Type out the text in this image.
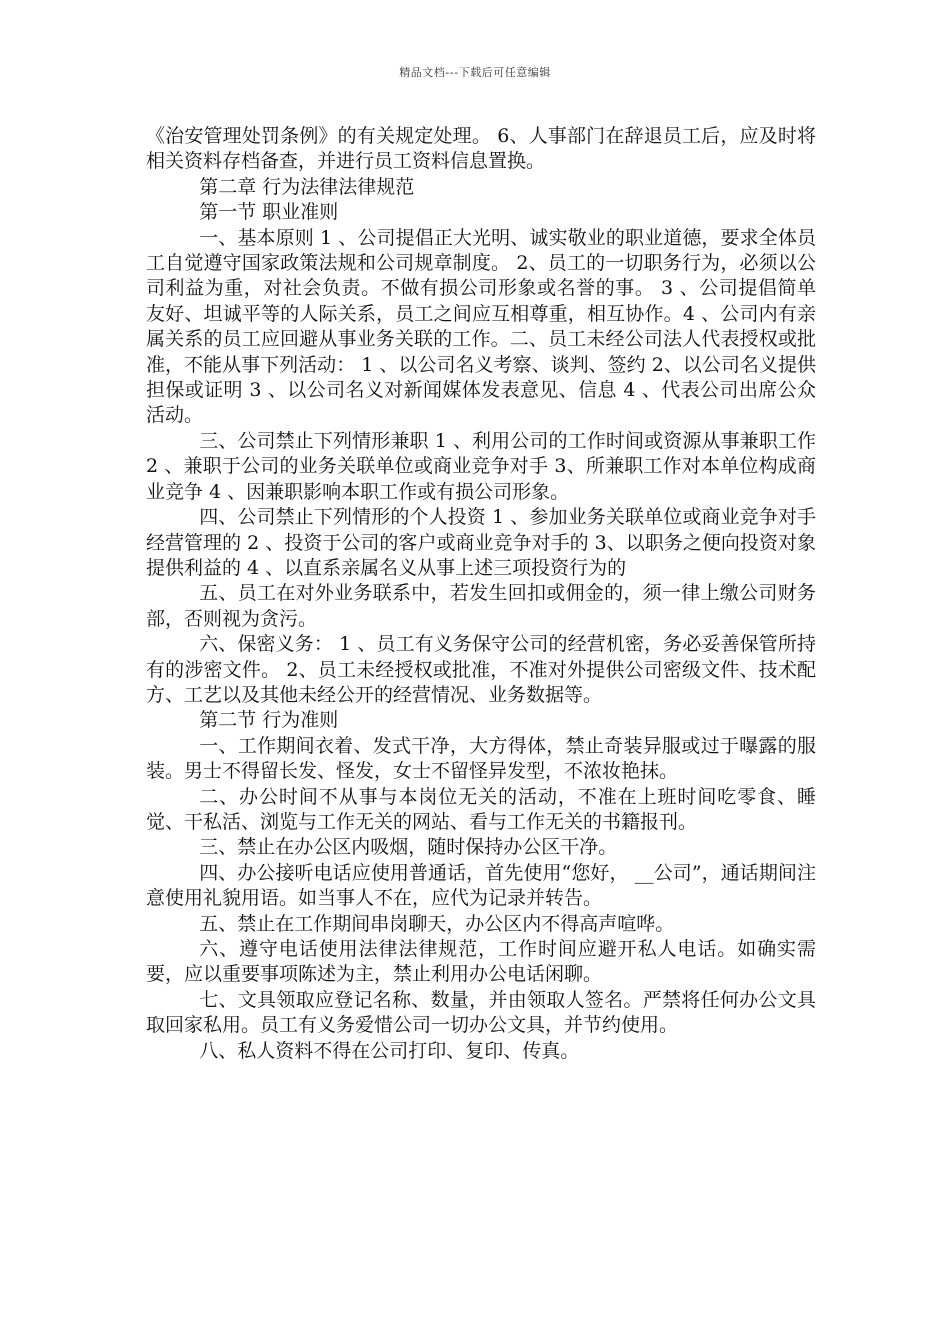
精品文档---下载后可任意编辑

《治安管理处罚条例》的有关规定处理。 6、人事部门在辞退员工后，应及时将相关资料存档备查，并进行员工资料信息置换。

第二章 行为法律法律规范

第一节 职业准则

一、基本原则 1 、公司提倡正大光明、诚实敬业的职业道德，要求全体员工自觉遵守国家政策法规和公司规章制度。 2、员工的一切职务行为，必须以公司利益为重，对社会负责。不做有损公司形象或名誉的事。 3 、公司提倡简单友好、坦诚平等的人际关系，员工之间应互相尊重，相互协作。4 、公司内有亲属关系的员工应回避从事业务关联的工作。二、员工未经公司法人代表授权或批准，不能从事下列活动： 1 、以公司名义考察、谈判、签约 2、以公司名义提供担保或证明 3 、以公司名义对新闻媒体发表意见、信息 4 、代表公司出席公众活动。

三、公司禁止下列情形兼职 1 、利用公司的工作时间或资源从事兼职工作 2 、兼职于公司的业务关联单位或商业竞争对手 3、所兼职工作对本单位构成商业竞争 4 、因兼职影响本职工作或有损公司形象。

四、公司禁止下列情形的个人投资 1 、参加业务关联单位或商业竞争对手经营管理的 2 、投资于公司的客户或商业竞争对手的 3、以职务之便向投资对象提供利益的 4 、以直系亲属名义从事上述三项投资行为的

五、员工在对外业务联系中，若发生回扣或佣金的，须一律上缴公司财务部，否则视为贪污。

六、保密义务： 1 、员工有义务保守公司的经营机密，务必妥善保管所持有的涉密文件。 2、员工未经授权或批准，不准对外提供公司密级文件、技术配方、工艺以及其他未经公开的经营情况、业务数据等。

第二节 行为准则

一、工作期间衣着、发式干净，大方得体，禁止奇装异服或过于曝露的服装。男士不得留长发、怪发，女士不留怪异发型，不浓妆艳抹。

二、办公时间不从事与本岗位无关的活动，不准在上班时间吃零食、睡觉、干私活、浏览与工作无关的网站、看与工作无关的书籍报刊。

三、禁止在办公区内吸烟，随时保持办公区干净。

四、办公接听电话应使用普通话，首先使用“您好， __公司”，通话期间注意使用礼貌用语。如当事人不在，应代为记录并转告。

五、禁止在工作期间串岗聊天，办公区内不得高声喧哗。

六、遵守电话使用法律法律规范，工作时间应避开私人电话。如确实需要，应以重要事项陈述为主，禁止利用办公电话闲聊。

七、文具领取应登记名称、数量，并由领取人签名。严禁将任何办公文具取回家私用。员工有义务爱惜公司一切办公文具，并节约使用。

八、私人资料不得在公司打印、复印、传真。
